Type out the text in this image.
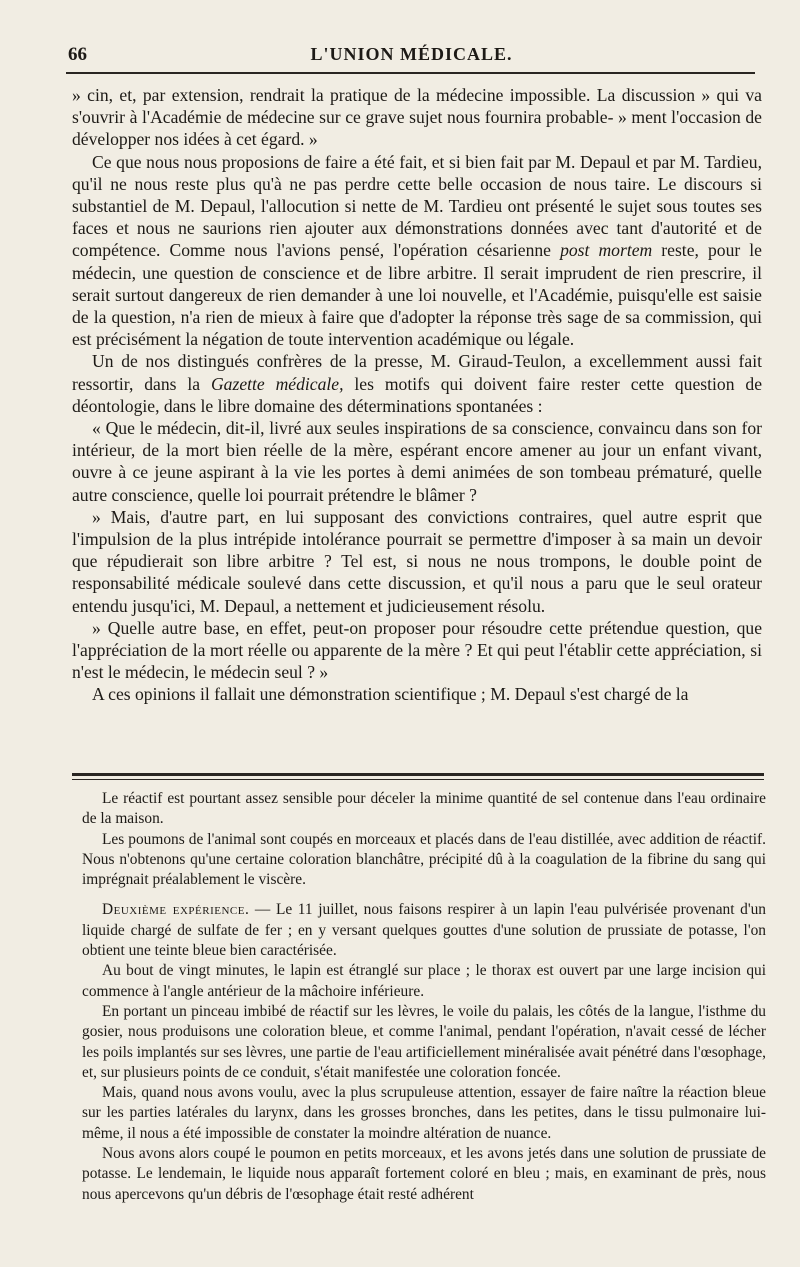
66	L'UNION MÉDICALE.

» cin, et, par extension, rendrait la pratique de la médecine impossible. La discussion » qui va s'ouvrir à l'Académie de médecine sur ce grave sujet nous fournira probable- » ment l'occasion de développer nos idées à cet égard. »

Ce que nous nous proposions de faire a été fait, et si bien fait par M. Depaul et par M. Tardieu, qu'il ne nous reste plus qu'à ne pas perdre cette belle occasion de nous taire. Le discours si substantiel de M. Depaul, l'allocution si nette de M. Tardieu ont présenté le sujet sous toutes ses faces et nous ne saurions rien ajouter aux démonstrations données avec tant d'autorité et de compétence. Comme nous l'avions pensé, l'opération césarienne post mortem reste, pour le médecin, une question de conscience et de libre arbitre. Il serait imprudent de rien prescrire, il serait surtout dangereux de rien demander à une loi nouvelle, et l'Académie, puisqu'elle est saisie de la question, n'a rien de mieux à faire que d'adopter la réponse très sage de sa commission, qui est précisément la négation de toute intervention académique ou légale.

Un de nos distingués confrères de la presse, M. Giraud-Teulon, a excellemment aussi fait ressortir, dans la Gazette médicale, les motifs qui doivent faire rester cette question de déontologie, dans le libre domaine des déterminations spontanées :

« Que le médecin, dit-il, livré aux seules inspirations de sa conscience, convaincu dans son for intérieur, de la mort bien réelle de la mère, espérant encore amener au jour un enfant vivant, ouvre à ce jeune aspirant à la vie les portes à demi animées de son tombeau prématuré, quelle autre conscience, quelle loi pourrait prétendre le blâmer ?

» Mais, d'autre part, en lui supposant des convictions contraires, quel autre esprit que l'impulsion de la plus intrépide intolérance pourrait se permettre d'imposer à sa main un devoir que répudierait son libre arbitre ? Tel est, si nous ne nous trompons, le double point de responsabilité médicale soulevé dans cette discussion, et qu'il nous a paru que le seul orateur entendu jusqu'ici, M. Depaul, a nettement et judicieusement résolu.

» Quelle autre base, en effet, peut-on proposer pour résoudre cette prétendue question, que l'appréciation de la mort réelle ou apparente de la mère ? Et qui peut l'établir cette appréciation, si n'est le médecin, le médecin seul ? »

A ces opinions il fallait une démonstration scientifique ; M. Depaul s'est chargé de la

Le réactif est pourtant assez sensible pour déceler la minime quantité de sel contenue dans l'eau ordinaire de la maison.

Les poumons de l'animal sont coupés en morceaux et placés dans de l'eau distillée, avec addition de réactif. Nous n'obtenons qu'une certaine coloration blanchâtre, précipité dû à la coagulation de la fibrine du sang qui imprégnait préalablement le viscère.

Deuxième expérience. — Le 11 juillet, nous faisons respirer à un lapin l'eau pulvérisée provenant d'un liquide chargé de sulfate de fer ; en y versant quelques gouttes d'une solution de prussiate de potasse, l'on obtient une teinte bleue bien caractérisée.

Au bout de vingt minutes, le lapin est étranglé sur place ; le thorax est ouvert par une large incision qui commence à l'angle antérieur de la mâchoire inférieure.

En portant un pinceau imbibé de réactif sur les lèvres, le voile du palais, les côtés de la langue, l'isthme du gosier, nous produisons une coloration bleue, et comme l'animal, pendant l'opération, n'avait cessé de lécher les poils implantés sur ses lèvres, une partie de l'eau artificiellement minéralisée avait pénétré dans l'œsophage, et, sur plusieurs points de ce conduit, s'était manifestée une coloration foncée.

Mais, quand nous avons voulu, avec la plus scrupuleuse attention, essayer de faire naître la réaction bleue sur les parties latérales du larynx, dans les grosses bronches, dans les petites, dans le tissu pulmonaire lui-même, il nous a été impossible de constater la moindre altération de nuance.

Nous avons alors coupé le poumon en petits morceaux, et les avons jetés dans une solution de prussiate de potasse. Le lendemain, le liquide nous apparaît fortement coloré en bleu ; mais, en examinant de près, nous nous apercevons qu'un débris de l'œsophage était resté adhérent
